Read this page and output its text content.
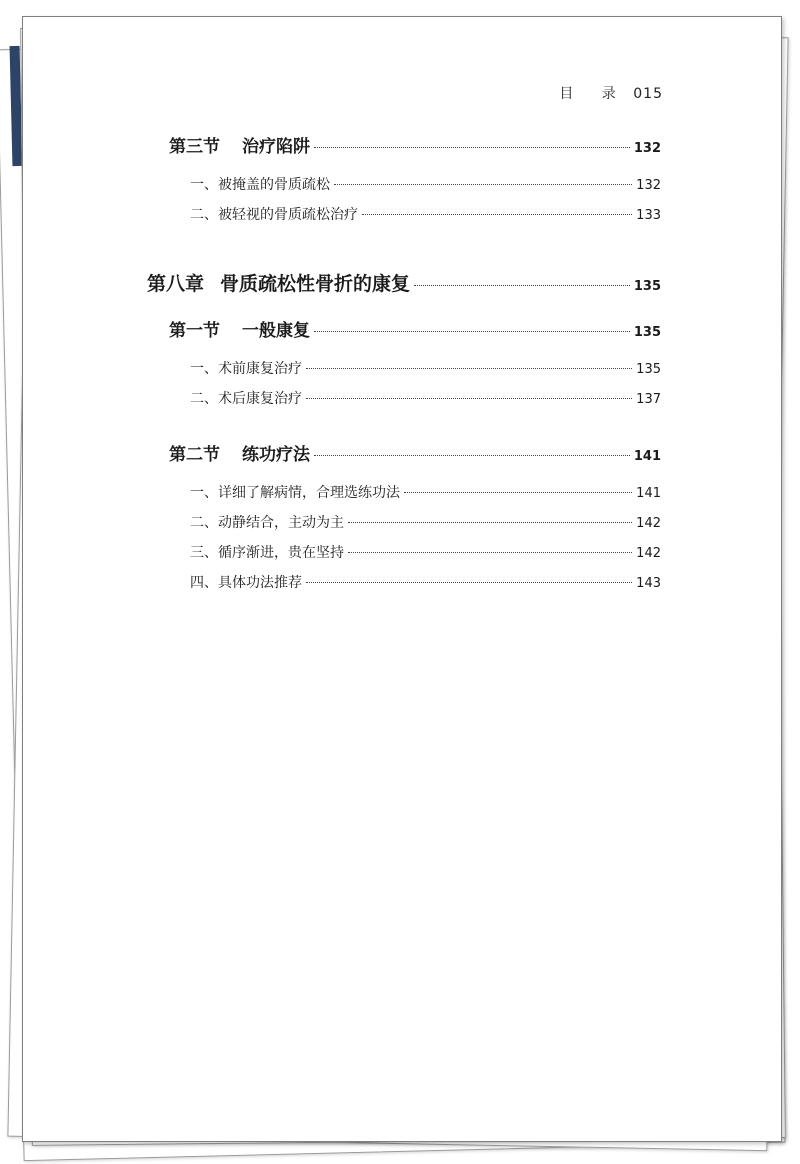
目 录 015
第三节 治疗陷阱	132
一、被掩盖的骨质疏松	132
二、被轻视的骨质疏松治疗	133
第八章 骨质疏松性骨折的康复	135
第一节 一般康复	135
一、术前康复治疗	135
二、术后康复治疗	137
第二节 练功疗法	141
一、详细了解病情，合理选练功法	141
二、动静结合，主动为主	142
三、循序渐进，贵在坚持	142
四、具体功法推荐	143
